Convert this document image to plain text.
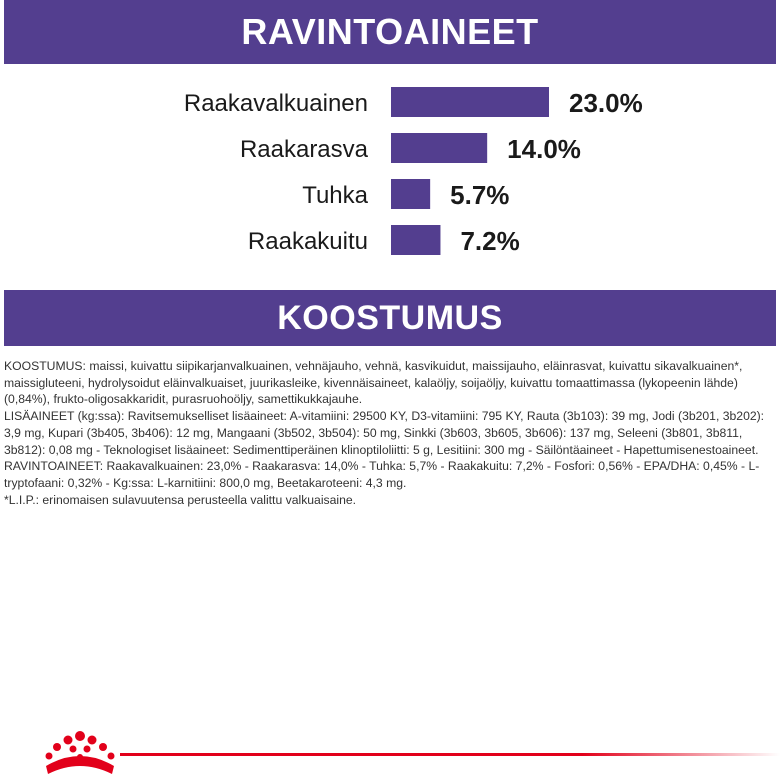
RAVINTOAINEET
Raakavalkuainen	23.0%
Raakarasva	14.0%
Tuhka	5.7%
Raakakuitu	7.2%
KOOSTUMUS

KOOSTUMUS: maissi, kuivattu siipikarjanvalkuainen, vehnäjauho, vehnä, kasvikuidut, maissijauho, eläinrasvat, kuivattu sikavalkuainen*, maissigluteeni, hydrolysoidut eläinvalkuaiset, juurikasleike, kivennäisaineet, kalaöljy, soijaöljy, kuivattu tomaattimassa (lykopeenin lähde) (0,84%), frukto-oligosakkaridit, purasruohoöljy, samettikukkajauhe.

LISÄAINEET (kg:ssa): Ravitsemukselliset lisäaineet: A-vitamiini: 29500 KY, D3-vitamiini: 795 KY, Rauta (3b103): 39 mg, Jodi (3b201, 3b202): 3,9 mg, Kupari (3b405, 3b406): 12 mg, Mangaani (3b502, 3b504): 50 mg, Sinkki (3b603, 3b605, 3b606): 137 mg, Seleeni (3b801, 3b811, 3b812): 0,08 mg - Teknologiset lisäaineet: Sedimenttiperäinen klinoptiloliitti: 5 g, Lesitiini: 300 mg - Säilöntäaineet - Hapettumisenestoaineet.

RAVINTOAINEET: Raakavalkuainen: 23,0% - Raakarasva: 14,0% - Tuhka: 5,7% - Raakakuitu: 7,2% - Fosfori: 0,56% - EPA/DHA: 0,45% - L-tryptofaani: 0,32% - Kg:ssa: L-karnitiini: 800,0 mg, Beetakaroteeni: 4,3 mg.

*L.I.P.: erinomaisen sulavuutensa perusteella valittu valkuaisaine.
